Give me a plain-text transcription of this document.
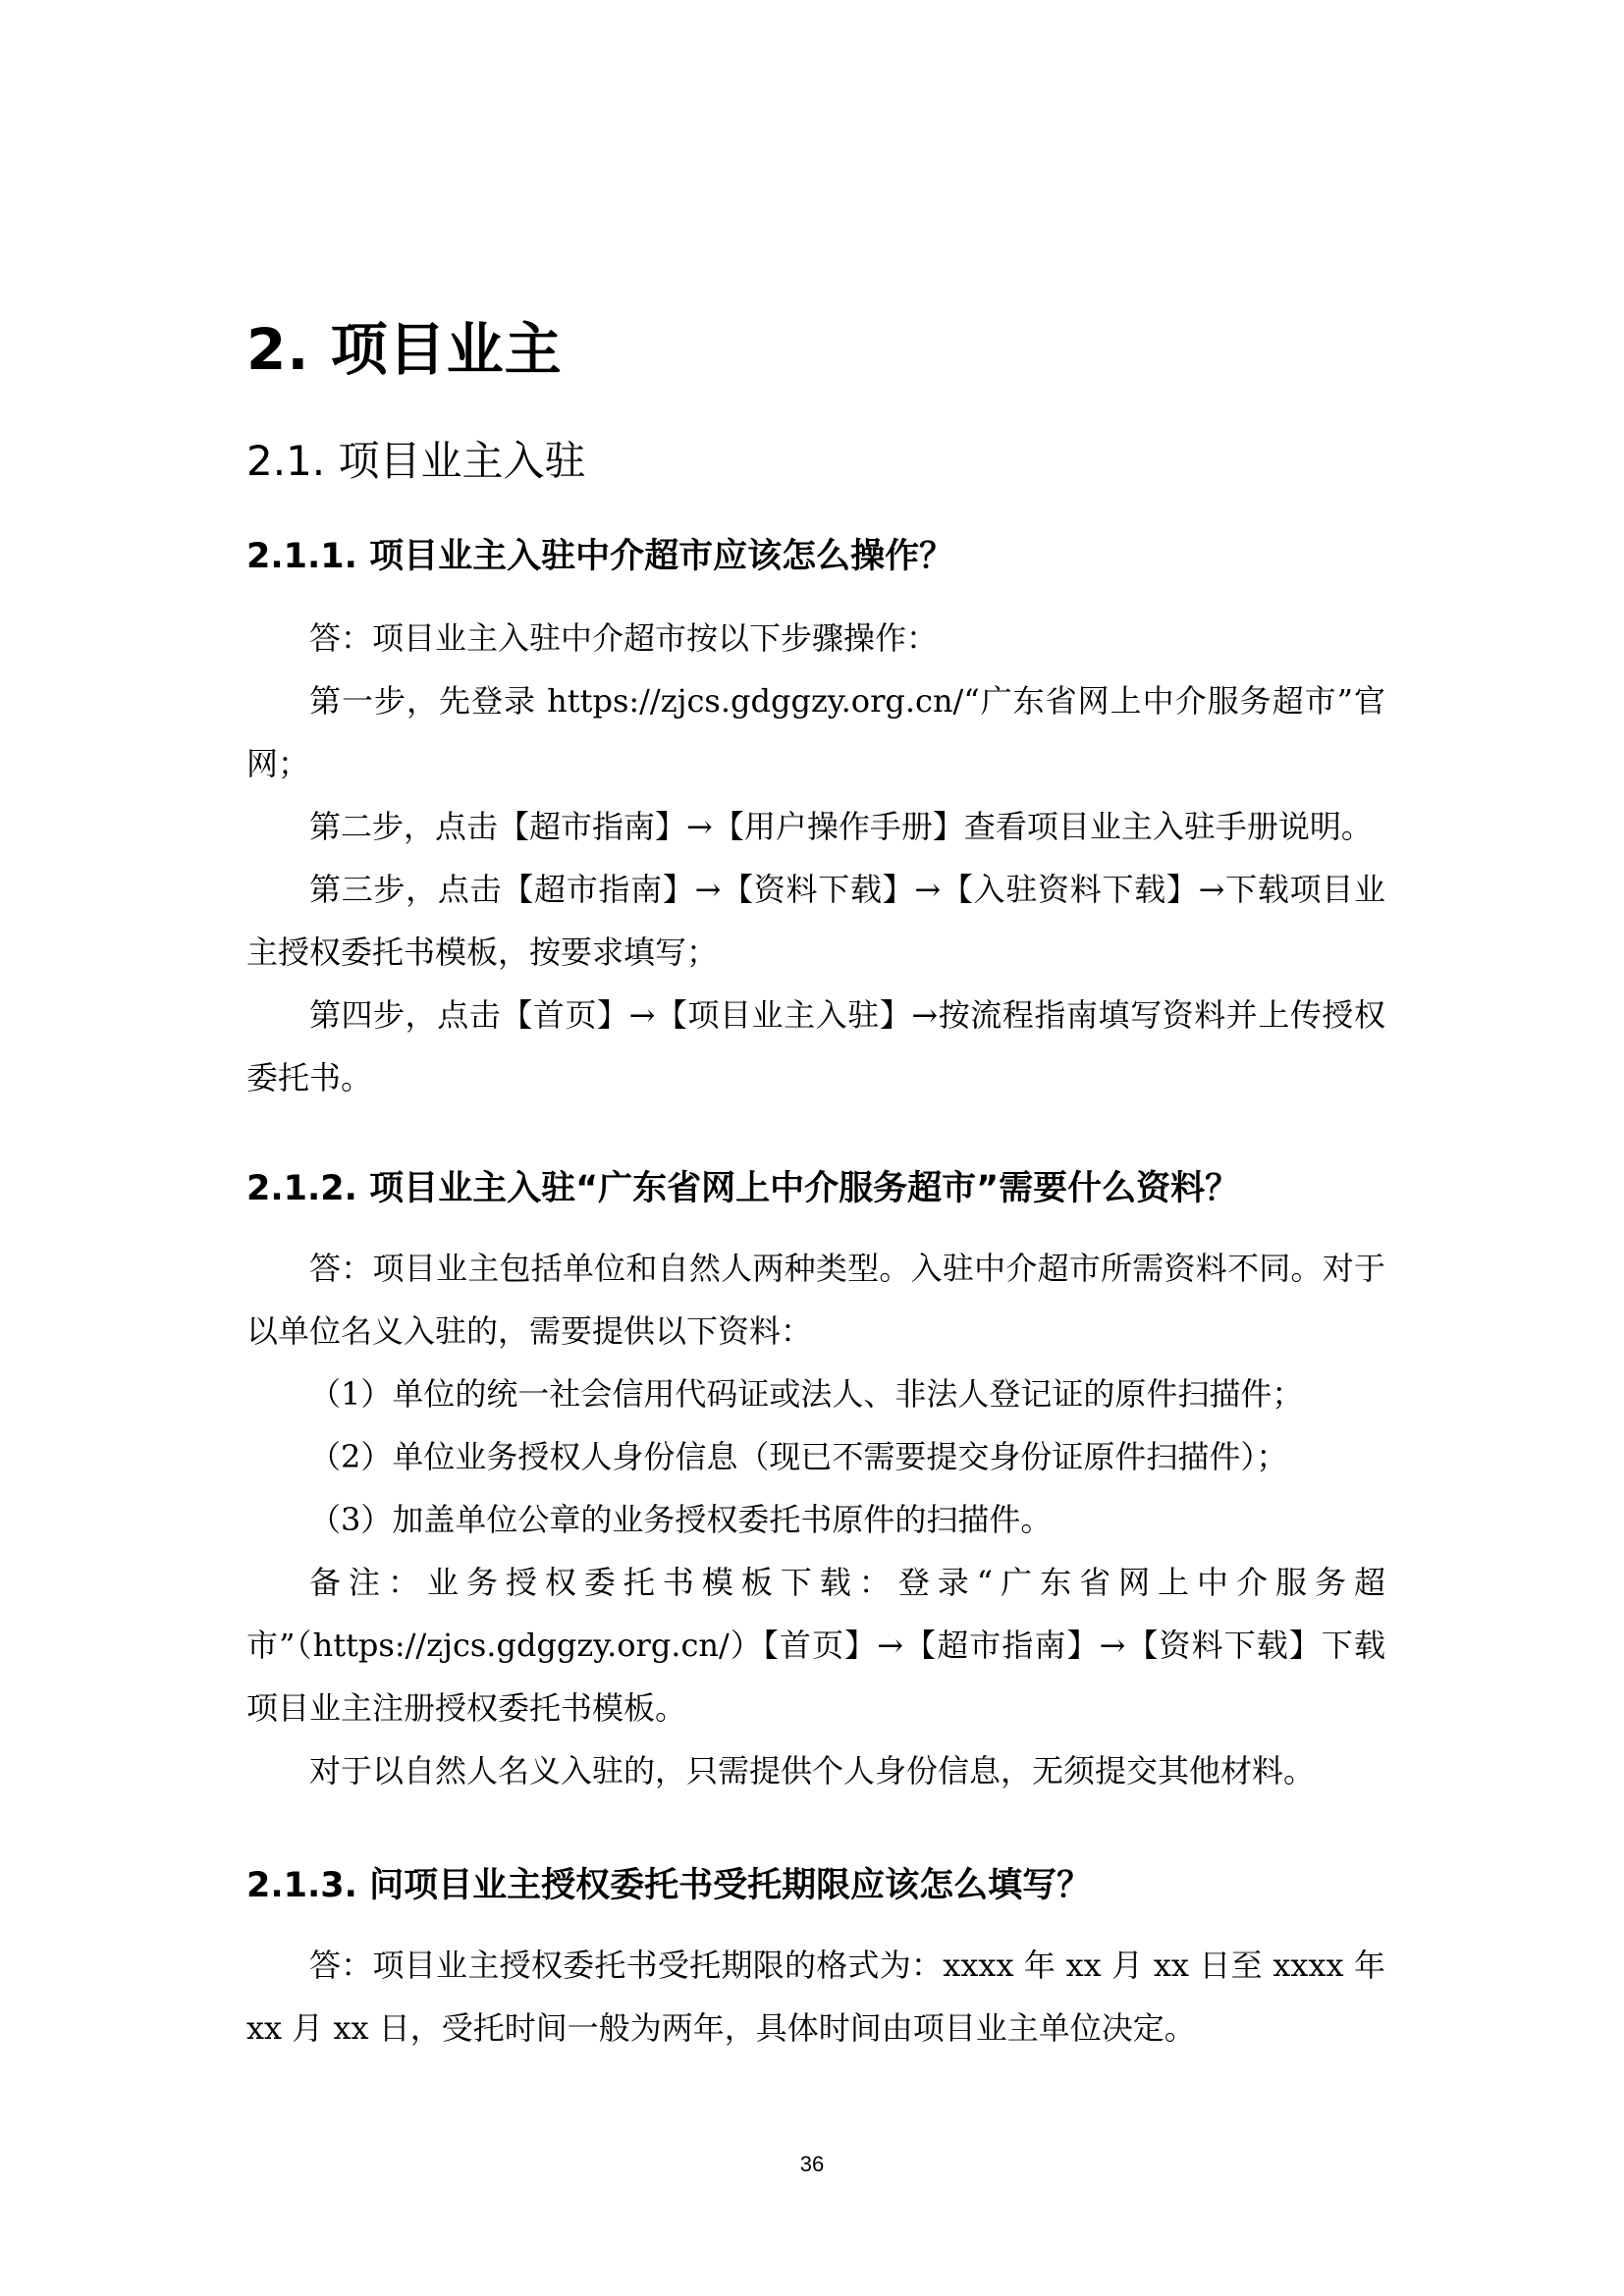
2. 项目业主
2.1. 项目业主入驻
2.1.1. 项目业主入驻中介超市应该怎么操作？
答：项目业主入驻中介超市按以下步骤操作：
第一步，先登录 https://zjcs.gdggzy.org.cn/“广东省网上中介服务超市”官网；
第二步，点击【超市指南】→【用户操作手册】查看项目业主入驻手册说明。
第三步，点击【超市指南】→【资料下载】→【入驻资料下载】→下载项目业主授权委托书模板，按要求填写；
第四步，点击【首页】→【项目业主入驻】→按流程指南填写资料并上传授权委托书。
2.1.2. 项目业主入驻“广东省网上中介服务超市”需要什么资料？
答：项目业主包括单位和自然人两种类型。入驻中介超市所需资料不同。对于以单位名义入驻的，需要提供以下资料：
（1）单位的统一社会信用代码证或法人、非法人登记证的原件扫描件；
（2）单位业务授权人身份信息（现已不需要提交身份证原件扫描件）；
（3）加盖单位公章的业务授权委托书原件的扫描件。
备注：业务授权委托书模板下载：登录“广东省网上中介服务超市”（https://zjcs.gdggzy.org.cn/）【首页】→【超市指南】→【资料下载】下载项目业主注册授权委托书模板。
对于以自然人名义入驻的，只需提供个人身份信息，无须提交其他材料。
2.1.3. 问项目业主授权委托书受托期限应该怎么填写？
答：项目业主授权委托书受托期限的格式为：xxxx 年 xx 月 xx 日至 xxxx 年 xx 月 xx 日，受托时间一般为两年，具体时间由项目业主单位决定。
36
